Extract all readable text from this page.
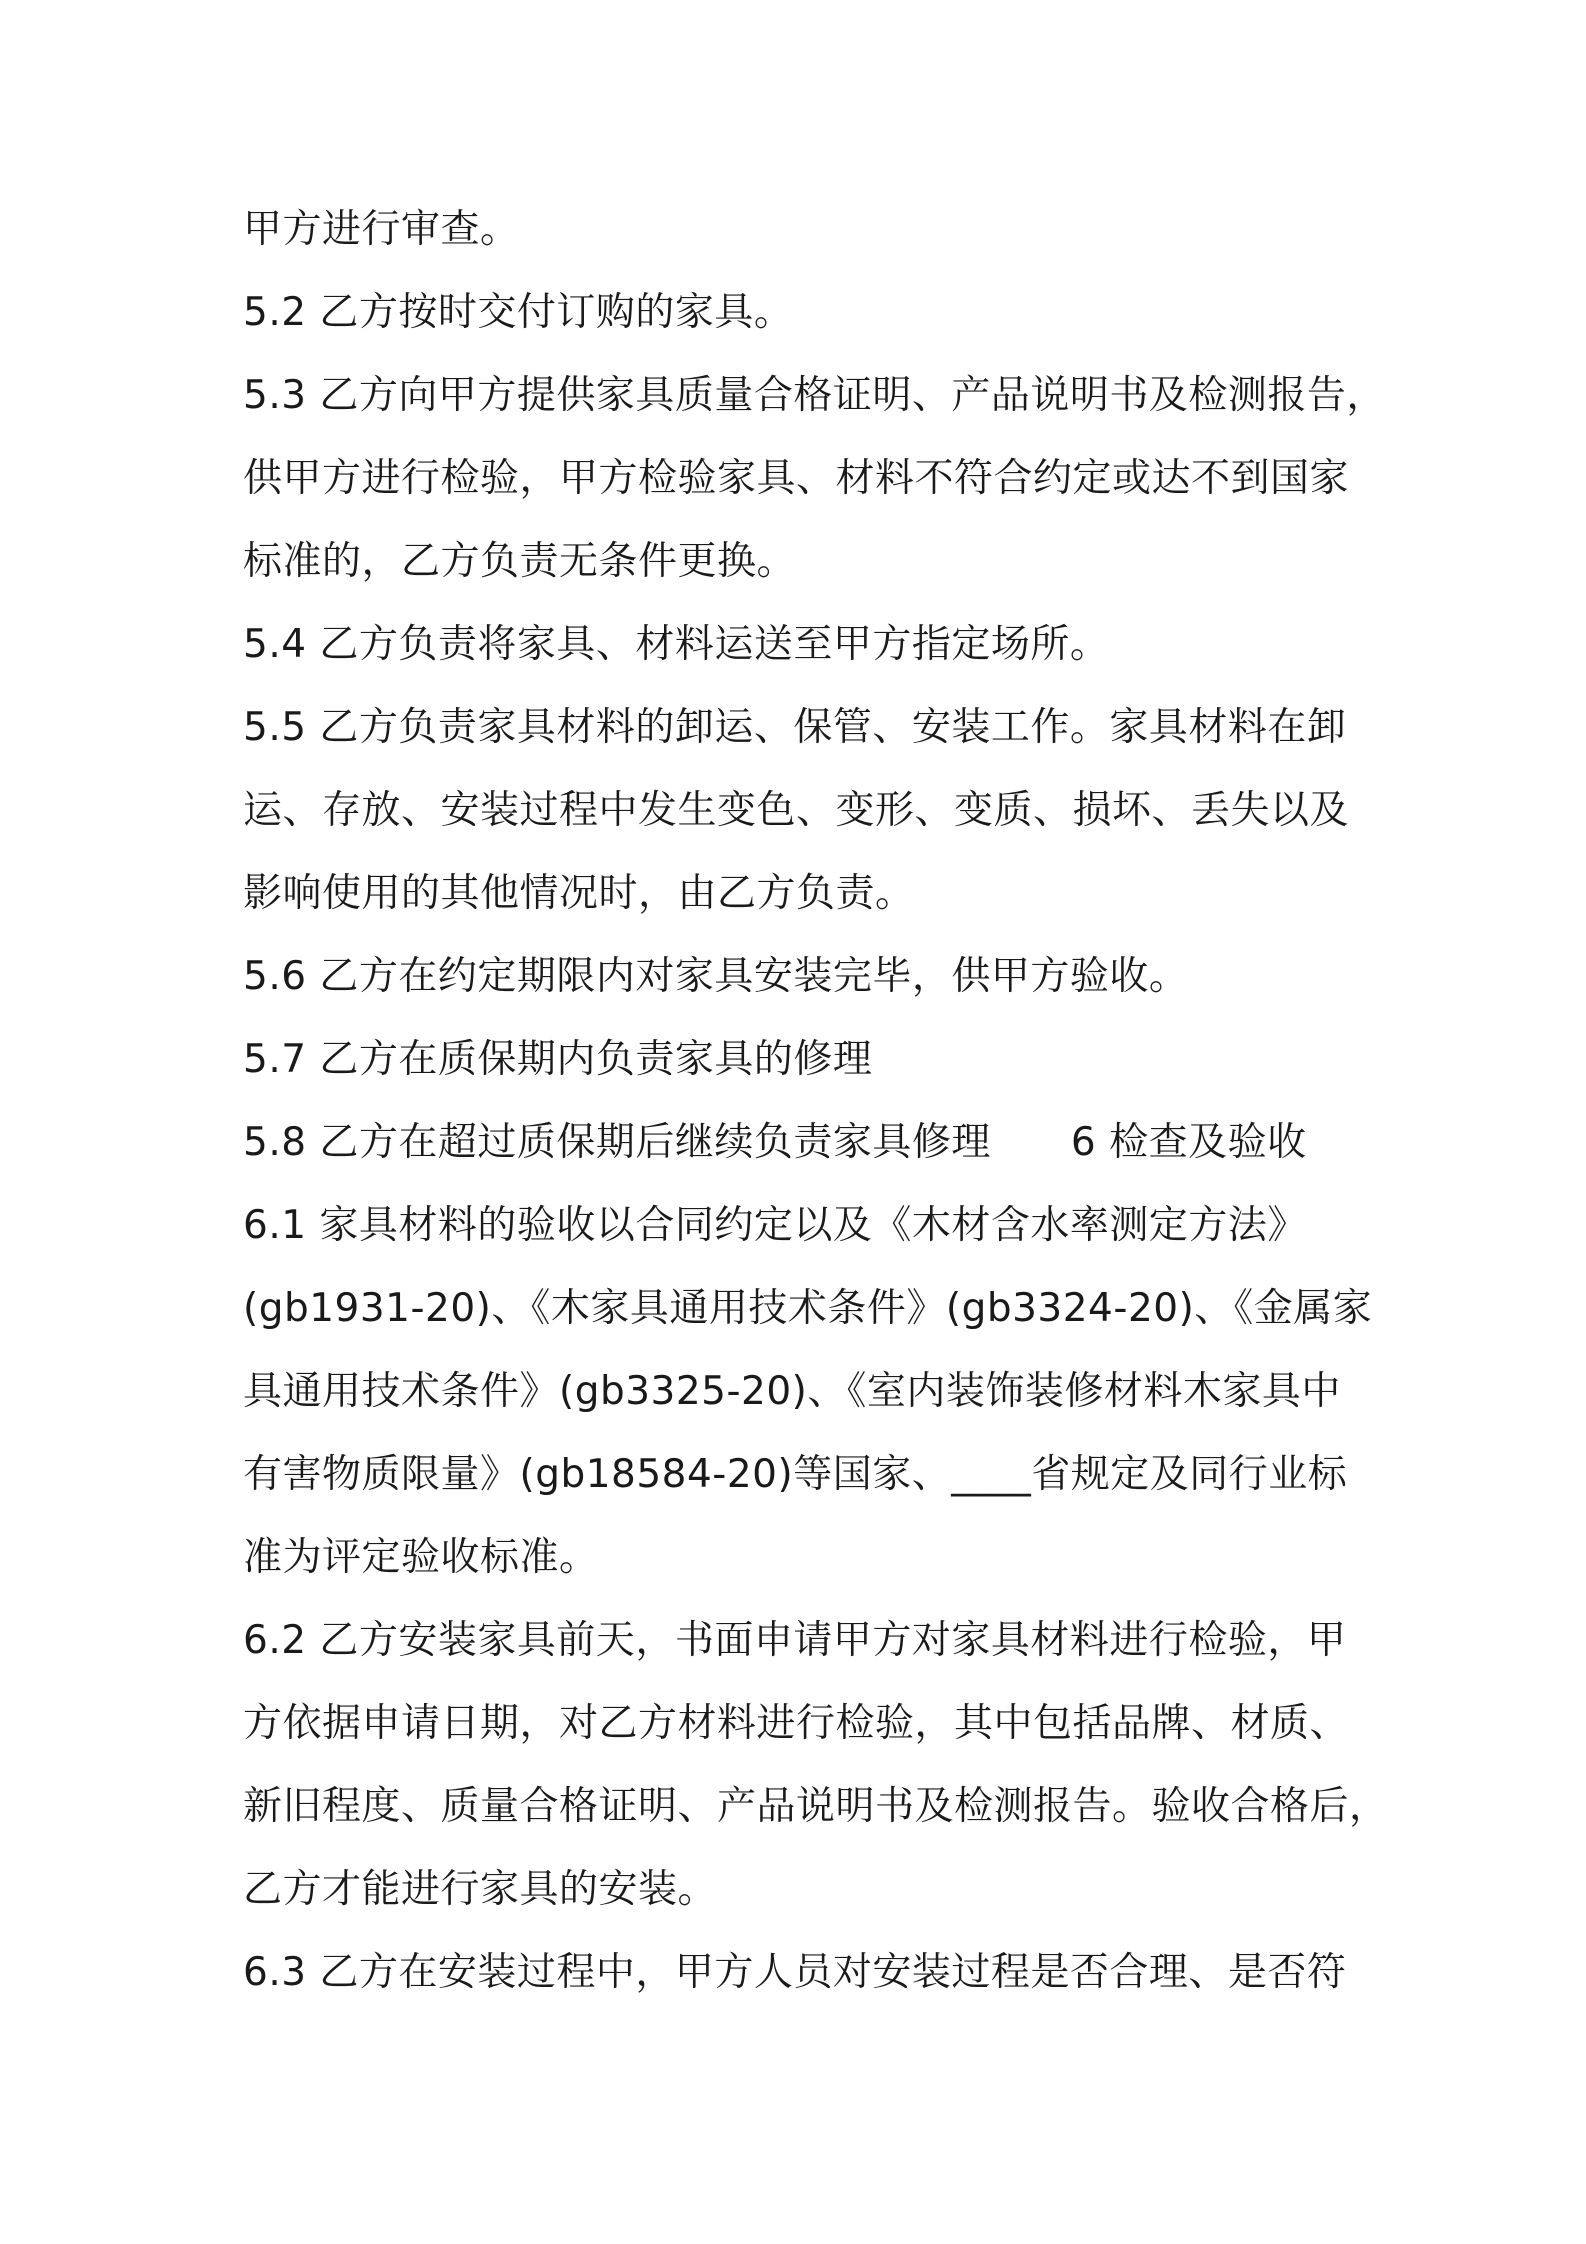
甲方进行审查。
5.2 乙方按时交付订购的家具。
5.3 乙方向甲方提供家具质量合格证明、产品说明书及检测报告，
供甲方进行检验，甲方检验家具、材料不符合约定或达不到国家
标准的，乙方负责无条件更换。
5.4 乙方负责将家具、材料运送至甲方指定场所。
5.5 乙方负责家具材料的卸运、保管、安装工作。家具材料在卸
运、存放、安装过程中发生变色、变形、变质、损坏、丢失以及
影响使用的其他情况时，由乙方负责。
5.6 乙方在约定期限内对家具安装完毕，供甲方验收。
5.7 乙方在质保期内负责家具的修理
5.8 乙方在超过质保期后继续负责家具修理 6 检查及验收
6.1 家具材料的验收以合同约定以及《木材含水率测定方法》
(gb1931-20)、《木家具通用技术条件》(gb3324-20)、《金属家
具通用技术条件》(gb3325-20)、《室内装饰装修材料木家具中
有害物质限量》(gb18584-20)等国家、____省规定及同行业标
准为评定验收标准。
6.2 乙方安装家具前天，书面申请甲方对家具材料进行检验，甲
方依据申请日期，对乙方材料进行检验，其中包括品牌、材质、
新旧程度、质量合格证明、产品说明书及检测报告。验收合格后，
乙方才能进行家具的安装。
6.3 乙方在安装过程中，甲方人员对安装过程是否合理、是否符
